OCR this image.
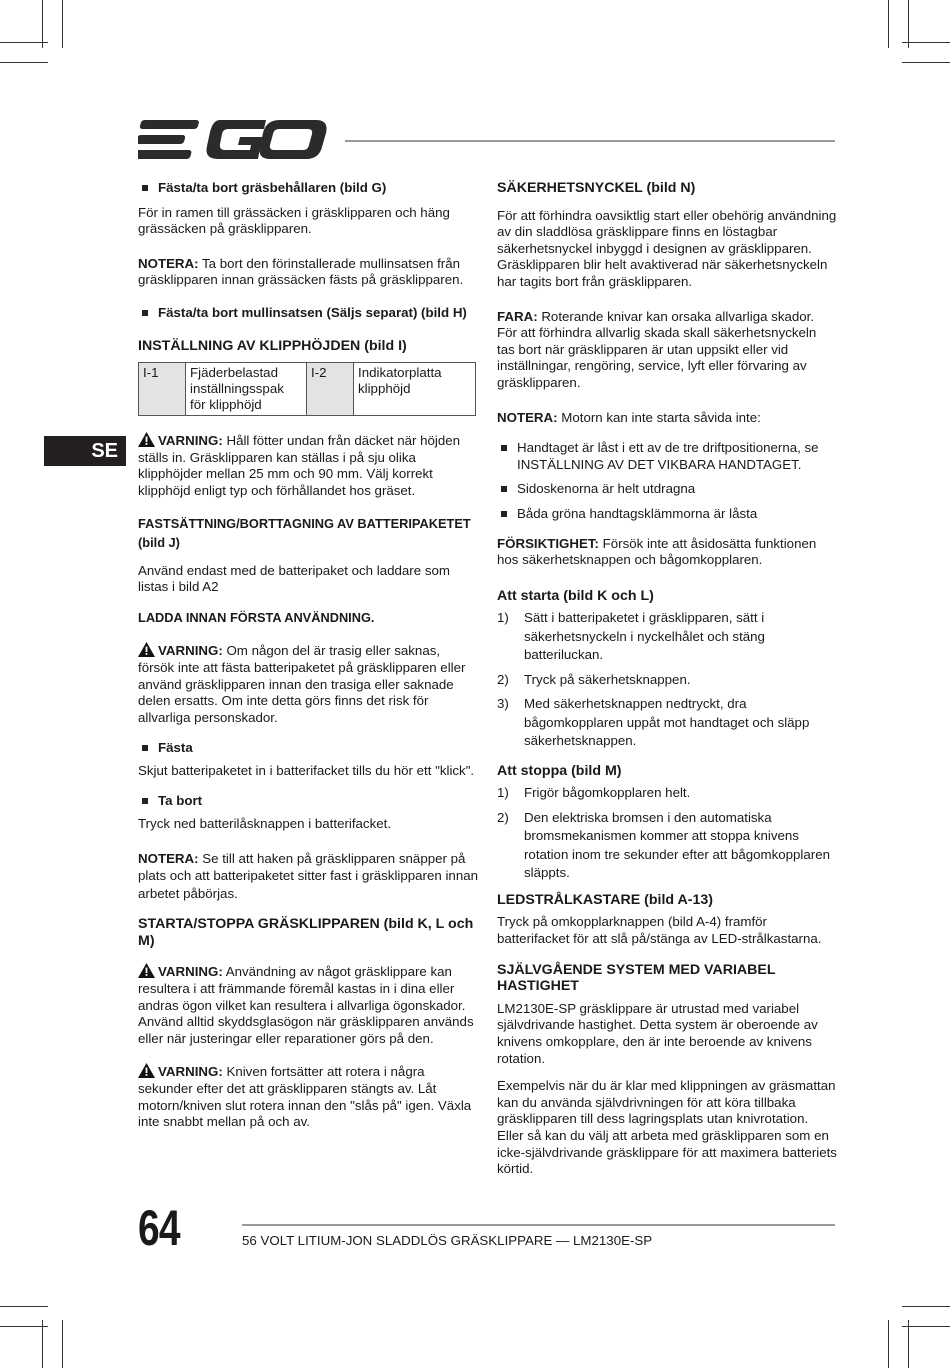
SE
Fästa/ta bort gräsbehållaren (bild G)

För in ramen till grässäcken i gräsklipparen och häng grässäcken på gräsklipparen.

NOTERA: Ta bort den förinstallerade mullinsatsen från gräsklipparen innan grässäcken fästs på gräsklipparen.

Fästa/ta bort mullinsatsen (Säljs separat) (bild H)

INSTÄLLNING AV KLIPPHÖJDEN (bild I)

I-1	Fjäderbelastad inställningsspak för klipphöjd	I-2	Indikatorplatta klipphöjd

VARNING: Håll fötter undan från däcket när höjden ställs in. Gräsklipparen kan ställas i på sju olika klipphöjder mellan 25 mm och 90 mm. Välj korrekt klipphöjd enligt typ och förhållandet hos gräset.

FASTSÄTTNING/BORTTAGNING AV BATTERIPAKETET (bild J)

Använd endast med de batteripaket och laddare som listas i bild A2

LADDA INNAN FÖRSTA ANVÄNDNING.

VARNING: Om någon del är trasig eller saknas, försök inte att fästa batteripaketet på gräsklipparen eller använd gräsklipparen innan den trasiga eller saknade delen ersatts. Om inte detta görs finns det risk för allvarliga personskador.

Fästa

Skjut batteripaketet in i batterifacket tills du hör ett "klick".

Ta bort

Tryck ned batterilåsknappen i batterifacket.

NOTERA: Se till att haken på gräsklipparen snäpper på plats och att batteripaketet sitter fast i gräsklipparen innan arbetet påbörjas.

STARTA/STOPPA GRÄSKLIPPAREN (bild K, L och M)

VARNING: Användning av något gräsklippare kan resultera i att främmande föremål kastas in i dina eller andras ögon vilket kan resultera i allvarliga ögonskador. Använd alltid skyddsglasögon när gräsklipparen används eller när justeringar eller reparationer görs på den.

VARNING: Kniven fortsätter att rotera i några sekunder efter det att gräsklipparen stängts av. Låt motorn/kniven slut rotera innan den "slås på" igen. Växla inte snabbt mellan på och av.

SÄKERHETSNYCKEL (bild N)

För att förhindra oavsiktlig start eller obehörig användning av din sladdlösa gräsklippare finns en löstagbar säkerhetsnyckel inbyggd i designen av gräsklipparen. Gräsklipparen blir helt avaktiverad när säkerhetsnyckeln har tagits bort från gräsklipparen.

FARA: Roterande knivar kan orsaka allvarliga skador. För att förhindra allvarlig skada skall säkerhetsnyckeln tas bort när gräsklipparen är utan uppsikt eller vid inställningar, rengöring, service, lyft eller förvaring av gräsklipparen.

NOTERA: Motorn kan inte starta såvida inte:

Handtaget är låst i ett av de tre driftpositionerna, se INSTÄLLNING AV DET VIKBARA HANDTAGET.
Sidoskenorna är helt utdragna
Båda gröna handtagsklämmorna är låsta

FÖRSIKTIGHET: Försök inte att åsidosätta funktionen hos säkerhetsknappen och bågomkopplaren.

Att starta (bild K och L)

1)	Sätt i batteripaketet i gräsklipparen, sätt i säkerhetsnyckeln i nyckelhålet och stäng batteriluckan.
2)	Tryck på säkerhetsknappen.
3)	Med säkerhetsknappen nedtryckt, dra bågomkopplaren uppåt mot handtaget och släpp säkerhetsknappen.

Att stoppa (bild M)

1)	Frigör bågomkopplaren helt.
2)	Den elektriska bromsen i den automatiska bromsmekanismen kommer att stoppa knivens rotation inom tre sekunder efter att bågomkopplaren släppts.

LEDSTRÅLKASTARE (bild A-13)

Tryck på omkopplarknappen (bild A-4) framför batterifacket för att slå på/stänga av LED-strålkastarna.

SJÄLVGÅENDE SYSTEM MED VARIABEL HASTIGHET

LM2130E-SP gräsklippare är utrustad med variabel självdrivande hastighet. Detta system är oberoende av knivens omkopplare, den är inte beroende av knivens rotation.

Exempelvis när du är klar med klippningen av gräsmattan kan du använda självdrivningen för att köra tillbaka gräsklipparen till dess lagringsplats utan knivrotation. Eller så kan du välj att arbeta med gräsklipparen som en icke-självdrivande gräsklippare för att maximera batteriets körtid.

64	56 VOLT LITIUM-JON SLADDLÖS GRÄSKLIPPARE — LM2130E-SP
